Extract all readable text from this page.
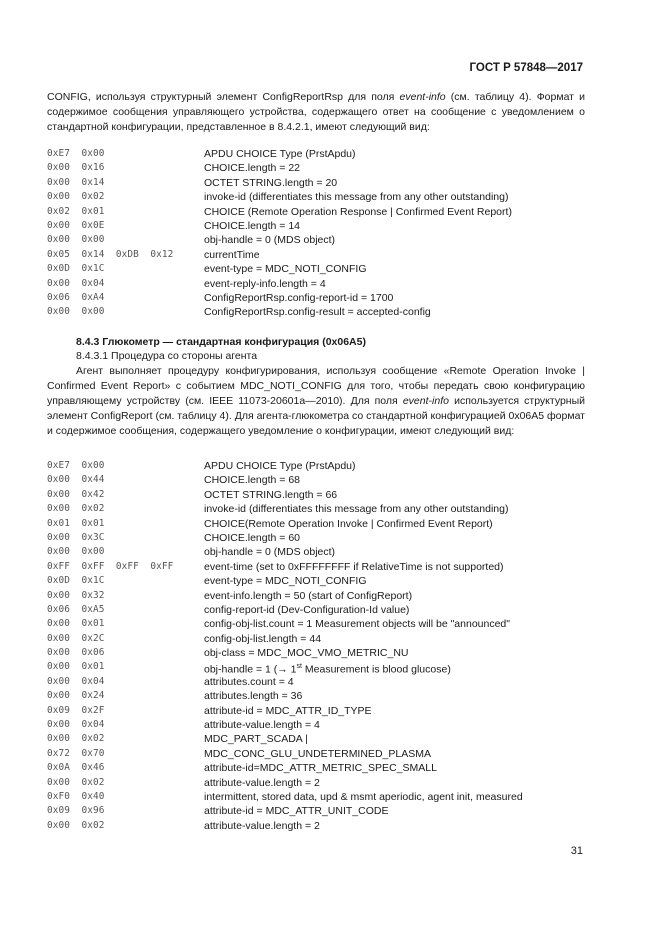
ГОСТ Р 57848—2017
CONFIG, используя структурный элемент ConfigReportRsp для поля event-info (см. таблицу 4). Формат и содержимое сообщения управляющего устройства, содержащего ответ на сообщение с уведомлением о стандартной конфигурации, представленное в 8.4.2.1, имеют следующий вид:
0xE7  0x00	APDU CHOICE Type (PrstApdu)
0x00  0x16	CHOICE.length = 22
0x00  0x14	OCTET STRING.length = 20
0x00  0x02	invoke-id (differentiates this message from any other outstanding)
0x02  0x01	CHOICE (Remote Operation Response | Confirmed Event Report)
0x00  0x0E	CHOICE.length = 14
0x00  0x00	obj-handle = 0 (MDS object)
0x05  0x14  0xDB  0x12	currentTime
0x0D  0x1C	event-type = MDC_NOTI_CONFIG
0x00  0x04	event-reply-info.length = 4
0x06  0xA4	ConfigReportRsp.config-report-id = 1700
0x00  0x00	ConfigReportRsp.config-result = accepted-config
8.4.3 Глюкометр — стандартная конфигурация (0x06A5)
8.4.3.1 Процедура со стороны агента
Агент выполняет процедуру конфигурирования, используя сообщение «Remote Operation Invoke | Confirmed Event Report» с событием MDC_NOTI_CONFIG для того, чтобы передать свою конфигурацию управляющему устройству (см. IEEE 11073-20601a—2010). Для поля event-info используется структурный элемент ConfigReport (см. таблицу 4). Для агента-глюкометра со стандартной конфигурацией 0x06A5 формат и содержимое сообщения, содержащего уведомление о конфигурации, имеют следующий вид:
0xE7  0x00	APDU CHOICE Type (PrstApdu)
0x00  0x44	CHOICE.length = 68
0x00  0x42	OCTET STRING.length = 66
0x00  0x02	invoke-id (differentiates this message from any other outstanding)
0x01  0x01	CHOICE(Remote Operation Invoke | Confirmed Event Report)
0x00  0x3C	CHOICE.length = 60
0x00  0x00	obj-handle = 0 (MDS object)
0xFF  0xFF  0xFF  0xFF	event-time (set to 0xFFFFFFFF if RelativeTime is not supported)
0x0D  0x1C	event-type = MDC_NOTI_CONFIG
0x00  0x32	event-info.length = 50 (start of ConfigReport)
0x06  0xA5	config-report-id (Dev-Configuration-Id value)
0x00  0x01	config-obj-list.count = 1 Measurement objects will be "announced"
0x00  0x2C	config-obj-list.length = 44
0x00  0x06	obj-class = MDC_MOC_VMO_METRIC_NU
0x00  0x01	obj-handle = 1 (→ 1st Measurement is blood glucose)
0x00  0x04	attributes.count = 4
0x00  0x24	attributes.length = 36
0x09  0x2F	attribute-id = MDC_ATTR_ID_TYPE
0x00  0x04	attribute-value.length = 4
0x00  0x02	MDC_PART_SCADA |
0x72  0x70	MDC_CONC_GLU_UNDETERMINED_PLASMA
0x0A  0x46	attribute-id=MDC_ATTR_METRIC_SPEC_SMALL
0x00  0x02	attribute-value.length = 2
0xF0  0x40	intermittent, stored data, upd & msmt aperiodic, agent init, measured
0x09  0x96	attribute-id = MDC_ATTR_UNIT_CODE
0x00  0x02	attribute-value.length = 2
31
